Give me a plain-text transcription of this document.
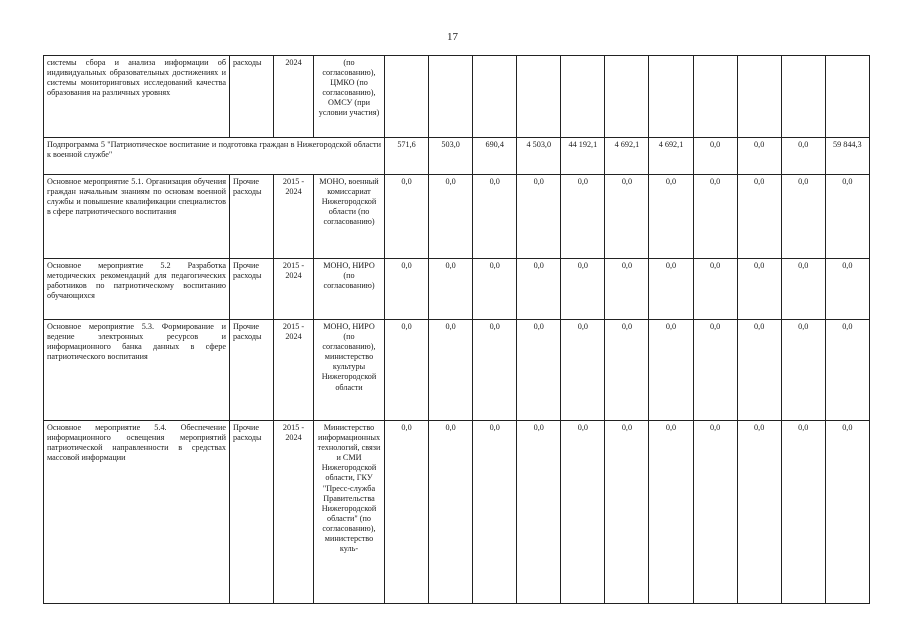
17
системы сбора и анализа информации об индивидуальных образовательных достижениях и системы мониторинговых исследований качества образования на различных уровнях	расходы	2024	(по согласованию), ЦМКО (по согласованию), ОМСУ (при условии участия)											
Подпрограмма 5 "Патриотическое воспитание и подготовка граждан в Нижегородской области к военной службе"				571,6	503,0	690,4	4 503,0	44 192,1	4 692,1	4 692,1	0,0	0,0	0,0	59 844,3
Основное мероприятие 5.1. Организация обучения граждан начальным знаниям по основам военной службы и повышение квалификации специалистов в сфере патриотического воспитания	Прочие расходы	2015 - 2024	МОНО, военный комиссариат Нижегородской области (по согласованию)	0,0	0,0	0,0	0,0	0,0	0,0	0,0	0,0	0,0	0,0	0,0
Основное мероприятие 5.2 Разработка методических рекомендаций для педагогических работников по патриотическому воспитанию обучающихся	Прочие расходы	2015 - 2024	МОНО, НИРО (по согласованию)	0,0	0,0	0,0	0,0	0,0	0,0	0,0	0,0	0,0	0,0	0,0
Основное мероприятие 5.3. Формирование и ведение электронных ресурсов и информационного банка данных в сфере патриотического воспитания	Прочие расходы	2015 - 2024	МОНО, НИРО (по согласованию), министерство культуры Нижегородской области	0,0	0,0	0,0	0,0	0,0	0,0	0,0	0,0	0,0	0,0	0,0
Основное мероприятие 5.4. Обеспечение информационного освещения мероприятий патриотической направленности в средствах массовой информации	Прочие расходы	2015 - 2024	Министерство информационных технологий, связи и СМИ Нижегородской области, ГКУ "Пресс-служба Правительства Нижегородской области" (по согласованию), министерство куль-	0,0	0,0	0,0	0,0	0,0	0,0	0,0	0,0	0,0	0,0	0,0
